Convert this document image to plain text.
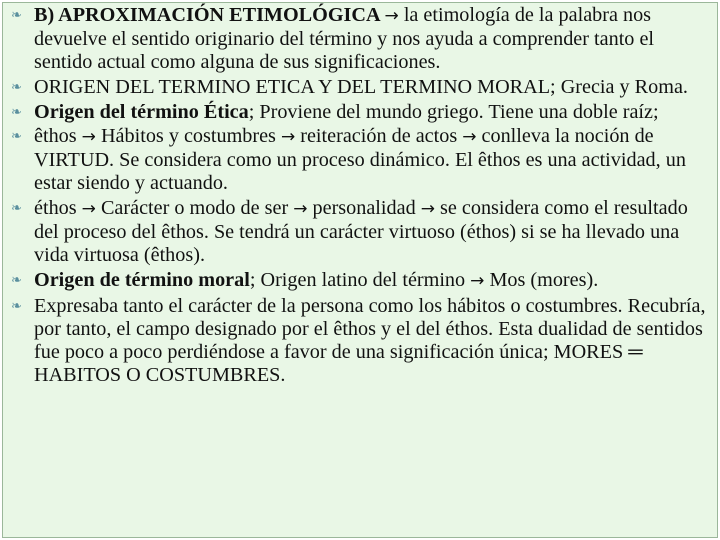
❧ B) APROXIMACIÓN ETIMOLÓGICA → la etimología de la palabra nos devuelve el sentido originario del término y nos ayuda a comprender tanto el sentido actual como alguna de sus significaciones.

❧ ORIGEN DEL TERMINO ETICA Y DEL TERMINO MORAL; Grecia y Roma.

❧ Origen del término Ética; Proviene del mundo griego. Tiene una doble raíz;

❧ êthos → Hábitos y costumbres → reiteración de actos → conlleva la noción de VIRTUD. Se considera como un proceso dinámico. El êthos es una actividad, un estar siendo y actuando.

❧ éthos → Carácter o modo de ser → personalidad → se considera como el resultado del proceso del êthos. Se tendrá un carácter virtuoso (éthos) si se ha llevado una vida virtuosa (êthos).

❧ Origen de término moral; Origen latino del término → Mos (mores).

❧ Expresaba tanto el carácter de la persona como los hábitos o costumbres. Recubría, por tanto, el campo designado por el êthos y el del éthos. Esta dualidad de sentidos fue poco a poco perdiéndose a favor de una significación única; MORES ═ HABITOS O COSTUMBRES.
